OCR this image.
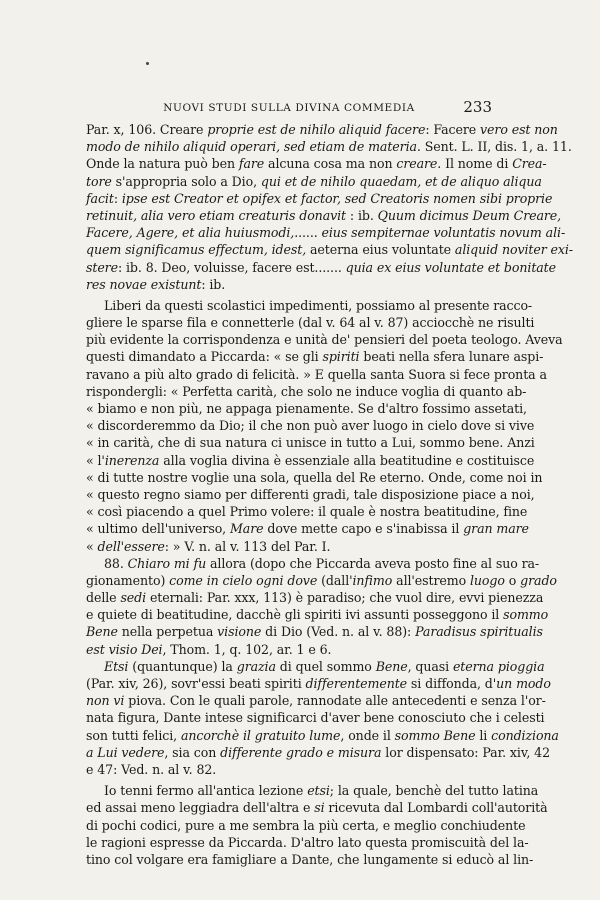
NUOVI STUDI SULLA DIVINA COMMEDIA	233
Par. x, 106. Creare proprie est de nihilo aliquid facere: Facere vero est non
modo de nihilo aliquid operari, sed etiam de materia. Sent. L. II, dis. 1, a. 11.
Onde la natura può ben fare alcuna cosa ma non creare. Il nome di Crea-
tore s'appropria solo a Dio, qui et de nihilo quaedam, et de aliquo aliqua
facit: ipse est Creator et opifex et factor, sed Creatoris nomen sibi proprie
retinuit, alia vero etiam creaturis donavit : ib. Quum dicimus Deum Creare,
Facere, Agere, et alia huiusmodi,...... eius sempiternae voluntatis novum ali-
quem significamus effectum, idest, aeterna eius voluntate aliquid noviter exi-
stere: ib. 8. Deo, voluisse, facere est....... quia ex eius voluntate et bonitate
res novae existunt: ib.
Liberi da questi scolastici impedimenti, possiamo al presente racco-
gliere le sparse fila e connetterle (dal v. 64 al v. 87) acciocchè ne risulti
più evidente la corrispondenza e unità de' pensieri del poeta teologo. Aveva
questi dimandato a Piccarda: « se gli spiriti beati nella sfera lunare aspi-
ravano a più alto grado di felicità. » E quella santa Suora si fece pronta a
rispondergli: « Perfetta carità, che solo ne induce voglia di quanto ab-
« biamo e non più, ne appaga pienamente. Se d'altro fossimo assetati,
« discorderemmo da Dio; il che non può aver luogo in cielo dove si vive
« in carità, che di sua natura ci unisce in tutto a Lui, sommo bene. Anzi
« l'inerenza alla voglia divina è essenziale alla beatitudine e costituisce
« di tutte nostre voglie una sola, quella del Re eterno. Onde, come noi in
« questo regno siamo per differenti gradi, tale disposizione piace a noi,
« così piacendo a quel Primo volere: il quale è nostra beatitudine, fine
« ultimo dell'universo, Mare dove mette capo e s'inabissa il gran mare
« dell'essere: » V. n. al v. 113 del Par. I.
88. Chiaro mi fu allora (dopo che Piccarda aveva posto fine al suo ra-
gionamento) come in cielo ogni dove (dall'infimo all'estremo luogo o grado
delle sedi eternali: Par. xxx, 113) è paradiso; che vuol dire, evvi pienezza
e quiete di beatitudine, dacchè gli spiriti ivi assunti posseggono il sommo
Bene nella perpetua visione di Dio (Ved. n. al v. 88): Paradisus spiritualis
est visio Dei, Thom. 1, q. 102, ar. 1 e 6.
Etsi (quantunque) la grazia di quel sommo Bene, quasi eterna pioggia
(Par. xiv, 26), sovr'essi beati spiriti differentemente si diffonda, d'un modo
non vi piova. Con le quali parole, rannodate alle antecedenti e senza l'or-
nata figura, Dante intese significarci d'aver bene conosciuto che i celesti
son tutti felici, ancorchè il gratuito lume, onde il sommo Bene li condiziona
a Lui vedere, sia con differente grado e misura lor dispensato: Par. xiv, 42
e 47: Ved. n. al v. 82.
Io tenni fermo all'antica lezione etsi; la quale, benchè del tutto latina
ed assai meno leggiadra dell'altra e si ricevuta dal Lombardi coll'autorità
di pochi codici, pure a me sembra la più certa, e meglio conchiudente
le ragioni espresse da Piccarda. D'altro lato questa promiscuità del la-
tino col volgare era famigliare a Dante, che lungamente si educò al lin-
